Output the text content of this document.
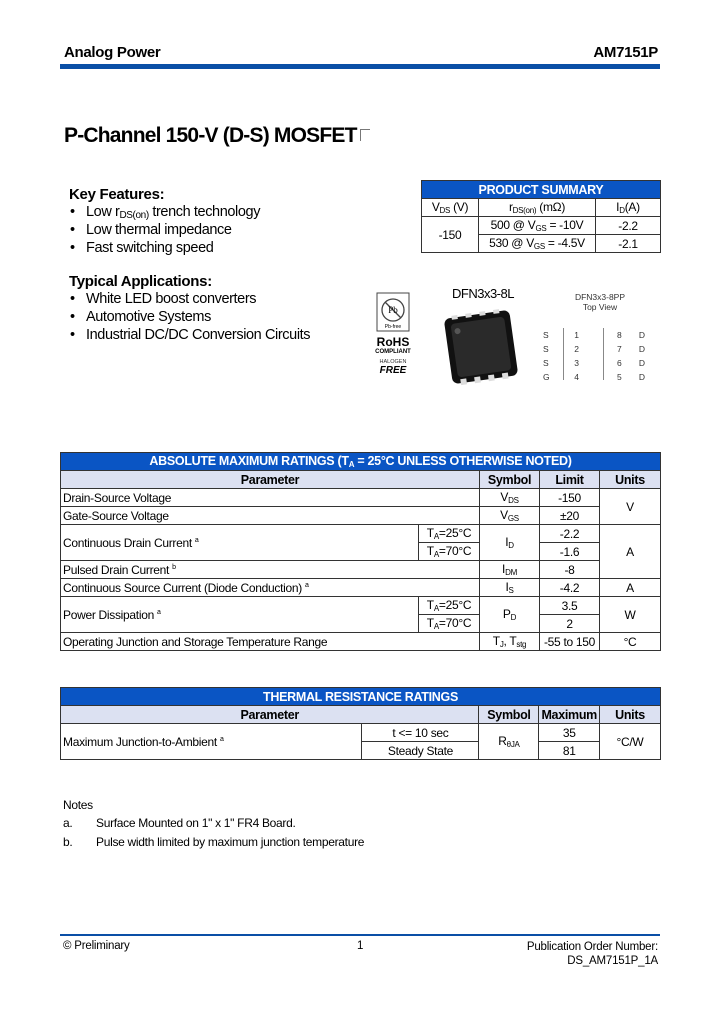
Analog Power	AM7151P
P-Channel 150-V (D-S) MOSFET
Key Features:
• Low $r_{DS(on)}$ trench technology
• Low thermal impedance
• Fast switching speed
Typical Applications:
• White LED boost converters
• Automotive Systems
• Industrial DC/DC Conversion Circuits
PRODUCT SUMMARY		
$V_{DS}$ (V)	$r_{DS(on)}$ (mΩ)	$I_D(A)$
-150	500 @ $V_{GS} = -10V$	-2.2
	530 @ $V_{GS} = -4.5V$	-2.1
Pb
Pb-free
RoHS
COMPLIANT
HALOGEN
FREE
DFN3x3-8L	DFN3x3-8PP
Top View
S	1
S	2
S	3
G	4
8 D
7 D
6 D
5 D
ABSOLUTE MAXIMUM RATINGS ($T_A = 25^\circ C$ UNLESS OTHERWISE NOTED)				
Parameter		Symbol	Limit	Units
Drain-Source Voltage		$V_{DS}$	-150	V
Gate-Source Voltage		$V_{GS}$	±20	
Continuous Drain Current $^a$	$T_A=25^\circ C$	$I_D$	-2.2	A
	$T_A=70^\circ C$		-1.6	
Pulsed Drain Current $^b$		$I_{DM}$	-8	
Continuous Source Current (Diode Conduction) $^a$		$I_S$	-4.2	A
Power Dissipation $^a$	$T_A=25^\circ C$	$P_D$	3.5	W
	$T_A=70^\circ C$		2	
Operating Junction and Storage Temperature Range		$T_J$, $T_{stg}$	-55 to 150	°C
THERMAL RESISTANCE RATINGS				
Parameter		Symbol	Maximum	Units
Maximum Junction-to-Ambient $^a$	t <= 10 sec	$R_{\theta JA}$	35	°C/W
	Steady State		81	
Notes
a. Surface Mounted on 1" x 1" FR4 Board.
b. Pulse width limited by maximum junction temperature
© Preliminary	1	Publication Order Number:
DS_AM7151P_1A
